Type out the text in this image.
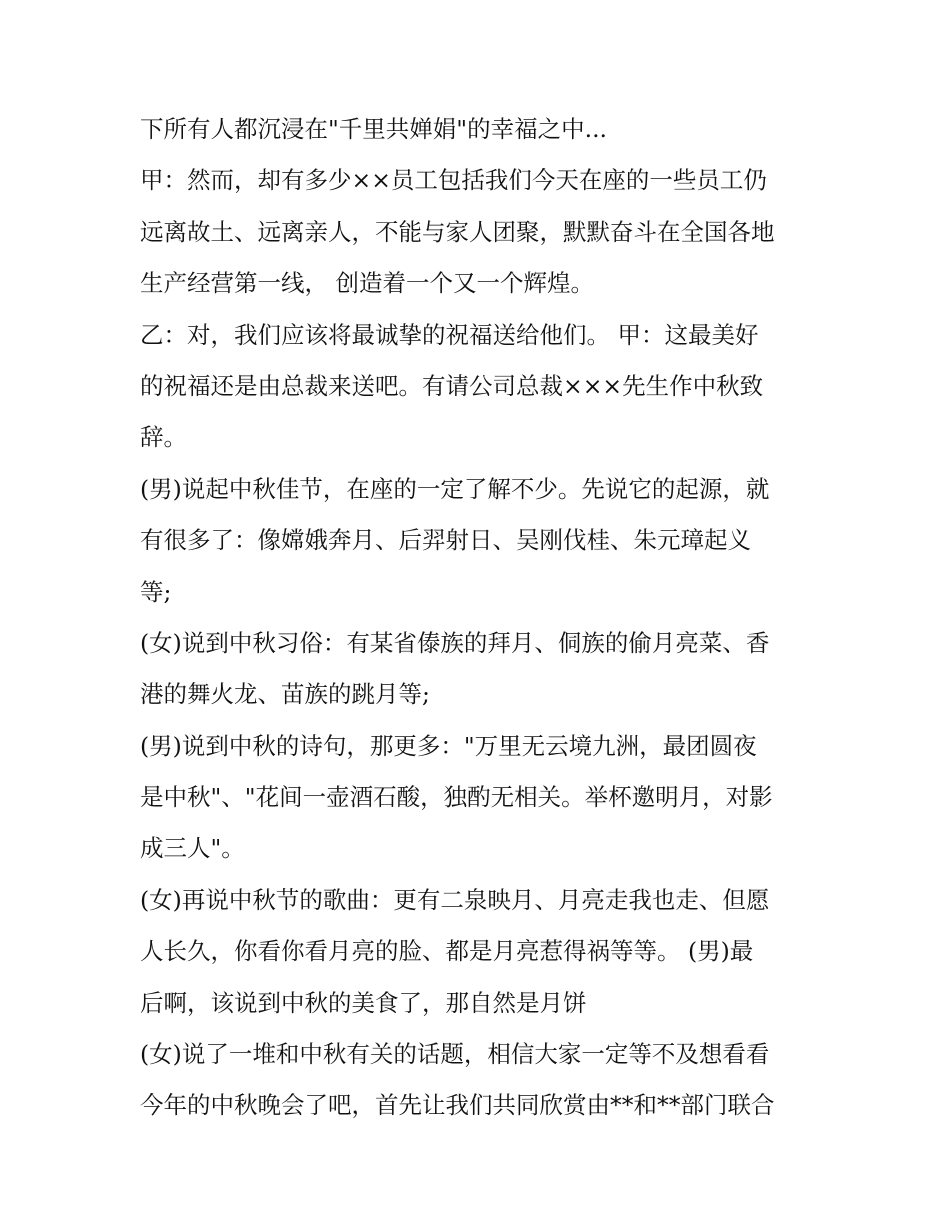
下所有人都沉浸在"千里共婵娟"的幸福之中...
甲：然而，却有多少××员工包括我们今天在座的一些员工仍
远离故土、远离亲人，不能与家人团聚，默默奋斗在全国各地
生产经营第一线， 创造着一个又一个辉煌。
乙：对，我们应该将最诚挚的祝福送给他们。 甲：这最美好
的祝福还是由总裁来送吧。有请公司总裁×××先生作中秋致
辞。
(男)说起中秋佳节，在座的一定了解不少。先说它的起源，就
有很多了：像嫦娥奔月、后羿射日、吴刚伐桂、朱元璋起义
等;
(女)说到中秋习俗：有某省傣族的拜月、侗族的偷月亮菜、香
港的舞火龙、苗族的跳月等;
(男)说到中秋的诗句，那更多："万里无云境九洲，最团圆夜
是中秋"、"花间一壶酒石酸，独酌无相关。举杯邀明月，对影
成三人"。
(女)再说中秋节的歌曲：更有二泉映月、月亮走我也走、但愿
人长久，你看你看月亮的脸、都是月亮惹得祸等等。 (男)最
后啊，该说到中秋的美食了，那自然是月饼
(女)说了一堆和中秋有关的话题，相信大家一定等不及想看看
今年的中秋晚会了吧，首先让我们共同欣赏由**和**部门联合
